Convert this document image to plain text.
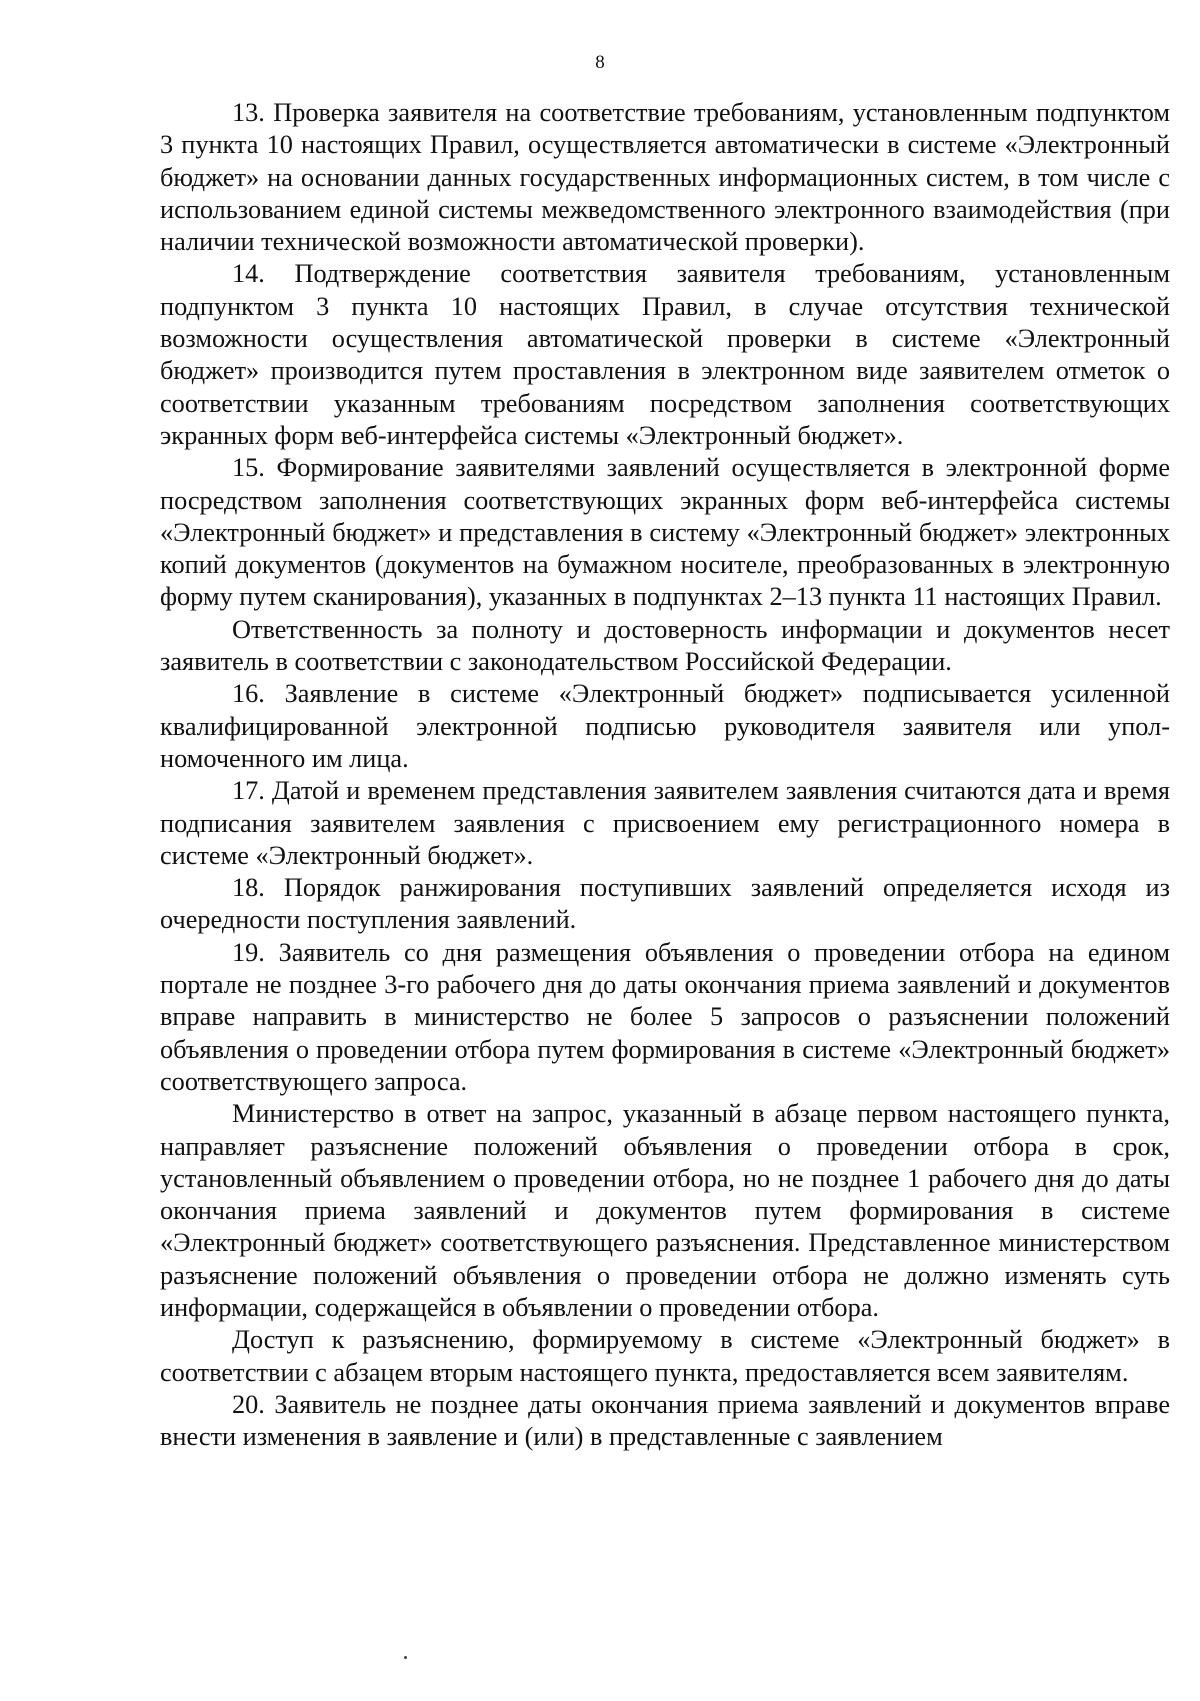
8

13. Проверка заявителя на соответствие требованиям, установленным подпунктом 3 пункта 10 настоящих Правил, осуществляется автоматически в системе «Электронный бюджет» на основании данных государственных информационных систем, в том числе с использованием единой системы межведомственного электронного взаимодействия (при наличии технической возможности автоматической проверки).

14. Подтверждение соответствия заявителя требованиям, установленным подпунктом 3 пункта 10 настоящих Правил, в случае отсутствия технической возможности осуществления автоматической проверки в системе «Электронный бюджет» производится путем проставления в электронном виде заявителем отметок о соответствии указанным требованиям посредством заполнения соответствующих экранных форм веб-интерфейса системы «Электронный бюджет».

15. Формирование заявителями заявлений осуществляется в электронной форме посредством заполнения соответствующих экранных форм веб-интерфейса системы «Электронный бюджет» и представления в систему «Электронный бюджет» электронных копий документов (документов на бумажном носителе, преобразованных в электронную форму путем сканирования), указанных в подпунктах 2–13 пункта 11 настоящих Правил.

Ответственность за полноту и достоверность информации и документов несет заявитель в соответствии с законодательством Российской Федерации.

16. Заявление в системе «Электронный бюджет» подписывается усиленной квалифицированной электронной подписью руководителя заявителя или уполномоченного им лица.

17. Датой и временем представления заявителем заявления считаются дата и время подписания заявителем заявления с присвоением ему регистрационного номера в системе «Электронный бюджет».

18. Порядок ранжирования поступивших заявлений определяется исходя из очередности поступления заявлений.

19. Заявитель со дня размещения объявления о проведении отбора на едином портале не позднее 3-го рабочего дня до даты окончания приема заявлений и документов вправе направить в министерство не более 5 запросов о разъяснении положений объявления о проведении отбора путем формирования в системе «Электронный бюджет» соответствующего запроса.

Министерство в ответ на запрос, указанный в абзаце первом настоящего пункта, направляет разъяснение положений объявления о проведении отбора в срок, установленный объявлением о проведении отбора, но не позднее 1 рабочего дня до даты окончания приема заявлений и документов путем формирования в системе «Электронный бюджет» соответствующего разъяснения. Представленное министерством разъяснение положений объявления о проведении отбора не должно изменять суть информации, содержащейся в объявлении о проведении отбора.

Доступ к разъяснению, формируемому в системе «Электронный бюджет» в соответствии с абзацем вторым настоящего пункта, предоставляется всем заявителям.

20. Заявитель не позднее даты окончания приема заявлений и документов вправе внести изменения в заявление и (или) в представленные с заявлением
